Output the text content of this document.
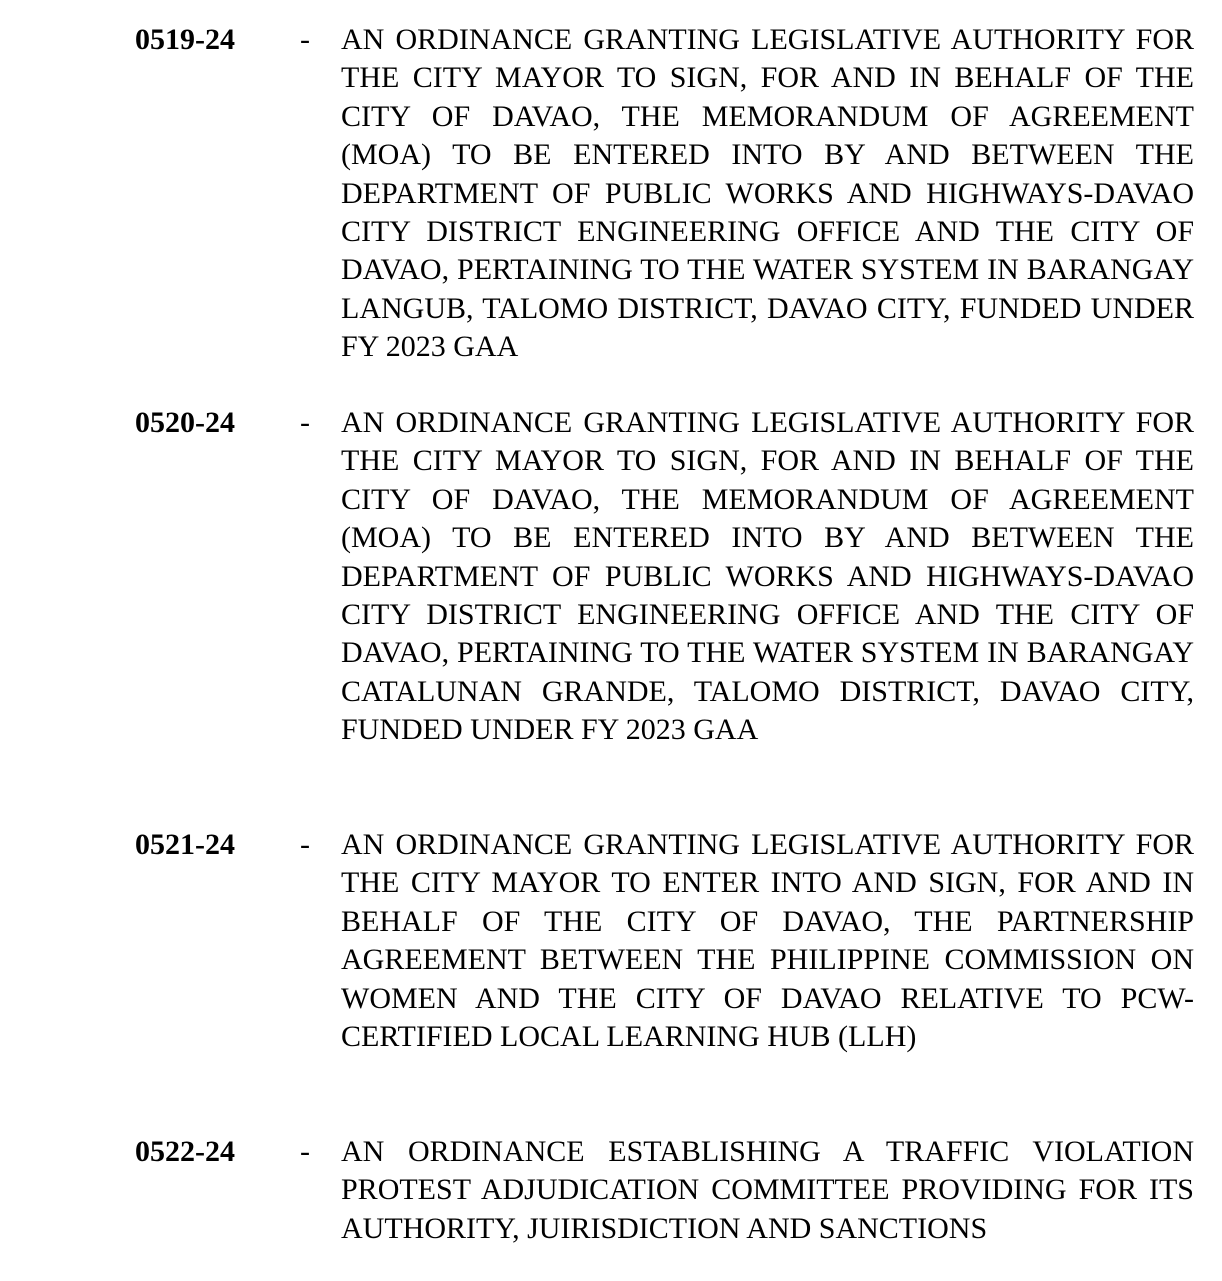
0519-24 - AN ORDINANCE GRANTING LEGISLATIVE AUTHORITY FOR THE CITY MAYOR TO SIGN, FOR AND IN BEHALF OF THE CITY OF DAVAO, THE MEMORANDUM OF AGREEMENT (MOA) TO BE ENTERED INTO BY AND BETWEEN THE DEPARTMENT OF PUBLIC WORKS AND HIGHWAYS-DAVAO CITY DISTRICT ENGINEERING OFFICE AND THE CITY OF DAVAO, PERTAINING TO THE WATER SYSTEM IN BARANGAY LANGUB, TALOMO DISTRICT, DAVAO CITY, FUNDED UNDER FY 2023 GAA

0520-24 - AN ORDINANCE GRANTING LEGISLATIVE AUTHORITY FOR THE CITY MAYOR TO SIGN, FOR AND IN BEHALF OF THE CITY OF DAVAO, THE MEMORANDUM OF AGREEMENT (MOA) TO BE ENTERED INTO BY AND BETWEEN THE DEPARTMENT OF PUBLIC WORKS AND HIGHWAYS-DAVAO CITY DISTRICT ENGINEERING OFFICE AND THE CITY OF DAVAO, PERTAINING TO THE WATER SYSTEM IN BARANGAY CATALUNAN GRANDE, TALOMO DISTRICT, DAVAO CITY, FUNDED UNDER FY 2023 GAA

0521-24 - AN ORDINANCE GRANTING LEGISLATIVE AUTHORITY FOR THE CITY MAYOR TO ENTER INTO AND SIGN, FOR AND IN BEHALF OF THE CITY OF DAVAO, THE PARTNERSHIP AGREEMENT BETWEEN THE PHILIPPINE COMMISSION ON WOMEN AND THE CITY OF DAVAO RELATIVE TO PCW-CERTIFIED LOCAL LEARNING HUB (LLH)

0522-24 - AN ORDINANCE ESTABLISHING A TRAFFIC VIOLATION PROTEST ADJUDICATION COMMITTEE PROVIDING FOR ITS AUTHORITY, JUIRISDICTION AND SANCTIONS
